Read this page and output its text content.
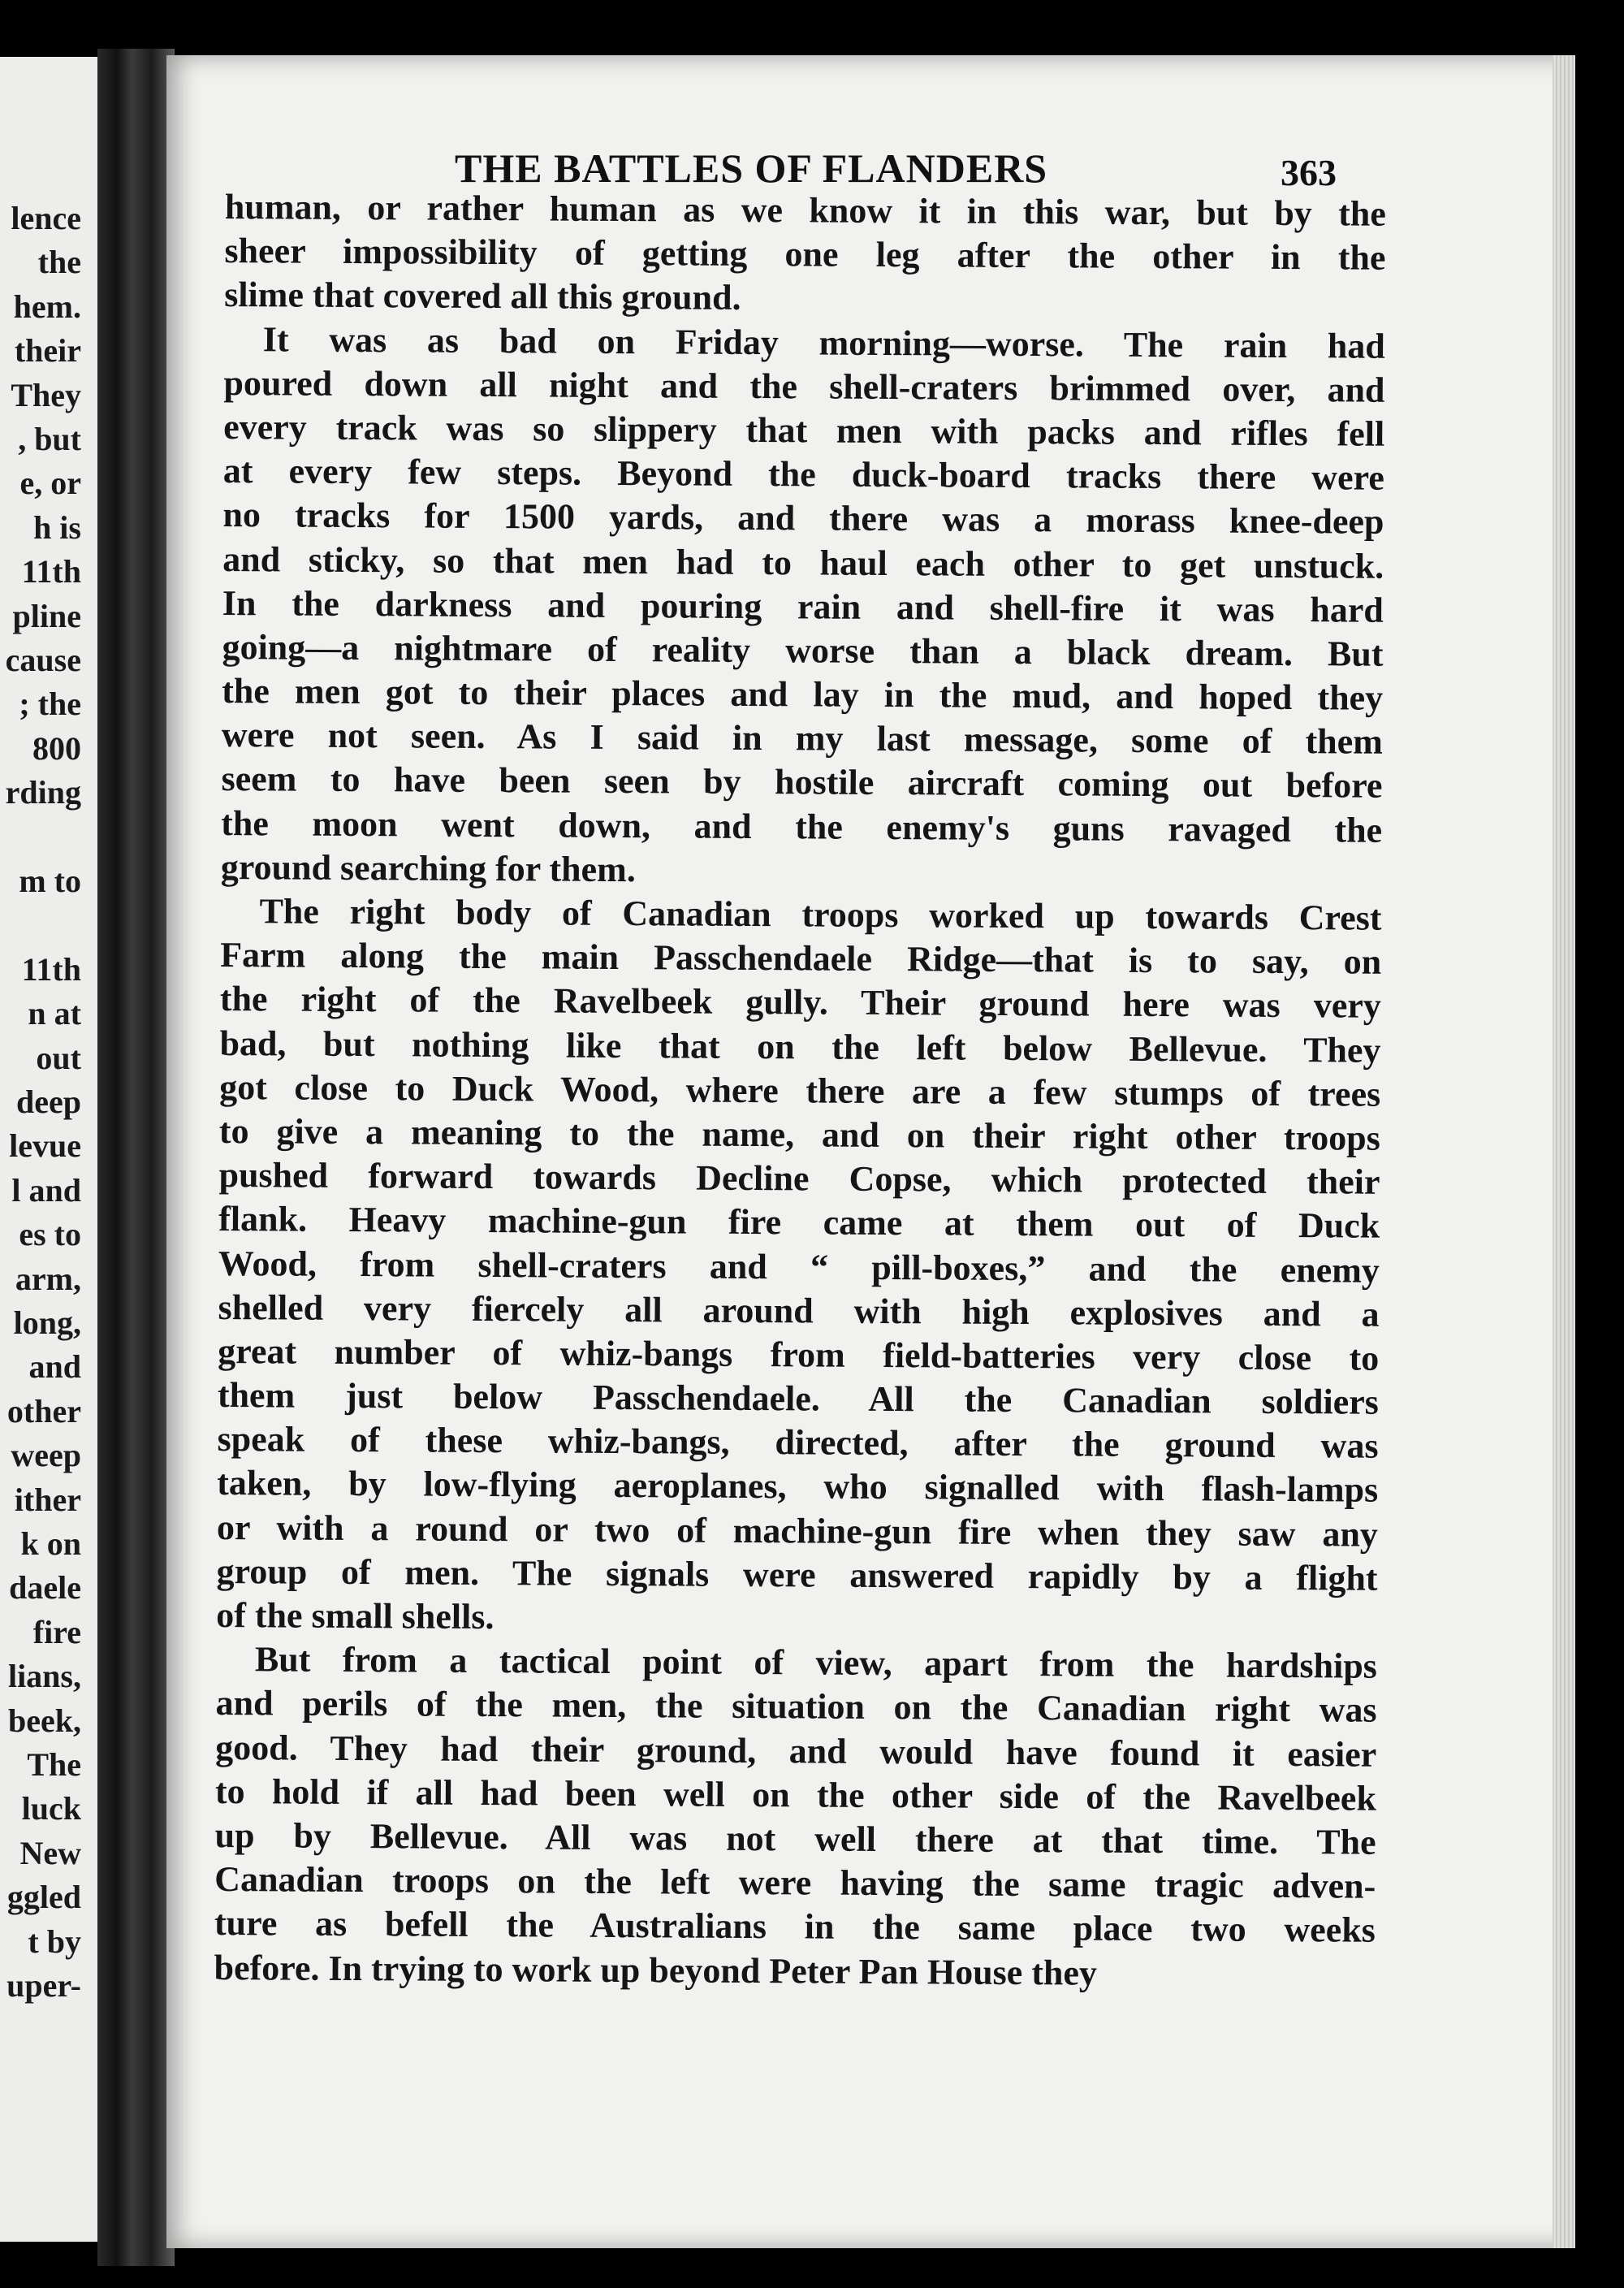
lence
the
hem.
their
They
, but
e, or
h is
11th
pline
cause
; the
800
rding
m to
11th
n at
out
deep
levue
l and
es to
arm,
long,
and
other
weep
ither
k on
daele
fire
lians,
beek,
The
luck
New
ggled
t by
uper-
THE BATTLES OF FLANDERS	363
human, or rather human as we know it in this war, but by the
sheer impossibility of getting one leg after the other in the
slime that covered all this ground.
It was as bad on Friday morning—worse. The rain had
poured down all night and the shell-craters brimmed over, and
every track was so slippery that men with packs and rifles fell
at every few steps. Beyond the duck-board tracks there were
no tracks for 1500 yards, and there was a morass knee-deep
and sticky, so that men had to haul each other to get unstuck.
In the darkness and pouring rain and shell-fire it was hard
going—a nightmare of reality worse than a black dream. But
the men got to their places and lay in the mud, and hoped they
were not seen. As I said in my last message, some of them
seem to have been seen by hostile aircraft coming out before
the moon went down, and the enemy's guns ravaged the
ground searching for them.
The right body of Canadian troops worked up towards Crest
Farm along the main Passchendaele Ridge—that is to say, on
the right of the Ravelbeek gully. Their ground here was very
bad, but nothing like that on the left below Bellevue. They
got close to Duck Wood, where there are a few stumps of trees
to give a meaning to the name, and on their right other troops
pushed forward towards Decline Copse, which protected their
flank. Heavy machine-gun fire came at them out of Duck
Wood, from shell-craters and “ pill-boxes,” and the enemy
shelled very fiercely all around with high explosives and a
great number of whiz-bangs from field-batteries very close to
them just below Passchendaele. All the Canadian soldiers
speak of these whiz-bangs, directed, after the ground was
taken, by low-flying aeroplanes, who signalled with flash-lamps
or with a round or two of machine-gun fire when they saw any
group of men. The signals were answered rapidly by a flight
of the small shells.
But from a tactical point of view, apart from the hardships
and perils of the men, the situation on the Canadian right was
good. They had their ground, and would have found it easier
to hold if all had been well on the other side of the Ravelbeek
up by Bellevue. All was not well there at that time. The
Canadian troops on the left were having the same tragic adven-
ture as befell the Australians in the same place two weeks
before. In trying to work up beyond Peter Pan House they
